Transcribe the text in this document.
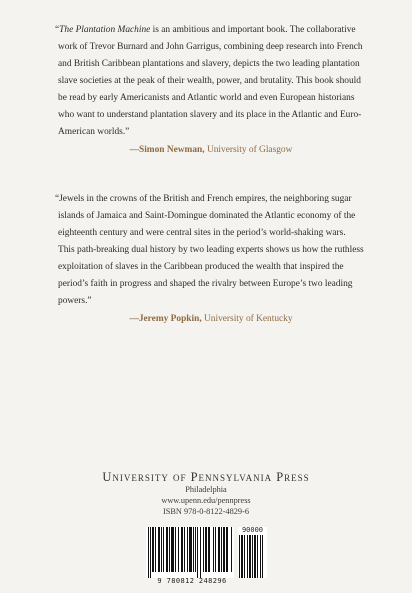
“The Plantation Machine is an ambitious and important book. The collaborative work of Trevor Burnard and John Garrigus, combining deep research into French and British Caribbean plantations and slavery, depicts the two leading plantation slave societies at the peak of their wealth, power, and brutality. This book should be read by early Americanists and Atlantic world and even European historians who want to understand plantation slavery and its place in the Atlantic and Euro-American worlds.”
—Simon Newman, University of Glasgow
“Jewels in the crowns of the British and French empires, the neighboring sugar islands of Jamaica and Saint-Domingue dominated the Atlantic economy of the eighteenth century and were central sites in the period’s world-shaking wars. This path-breaking dual history by two leading experts shows us how the ruthless exploitation of slaves in the Caribbean produced the wealth that inspired the period’s faith in progress and shaped the rivalry between Europe’s two leading powers.”
—Jeremy Popkin, University of Kentucky
University of Pennsylvania Press
Philadelphia
www.upenn.edu/pennpress
ISBN 978-0-8122-4829-6
9 780812 248296
90000
